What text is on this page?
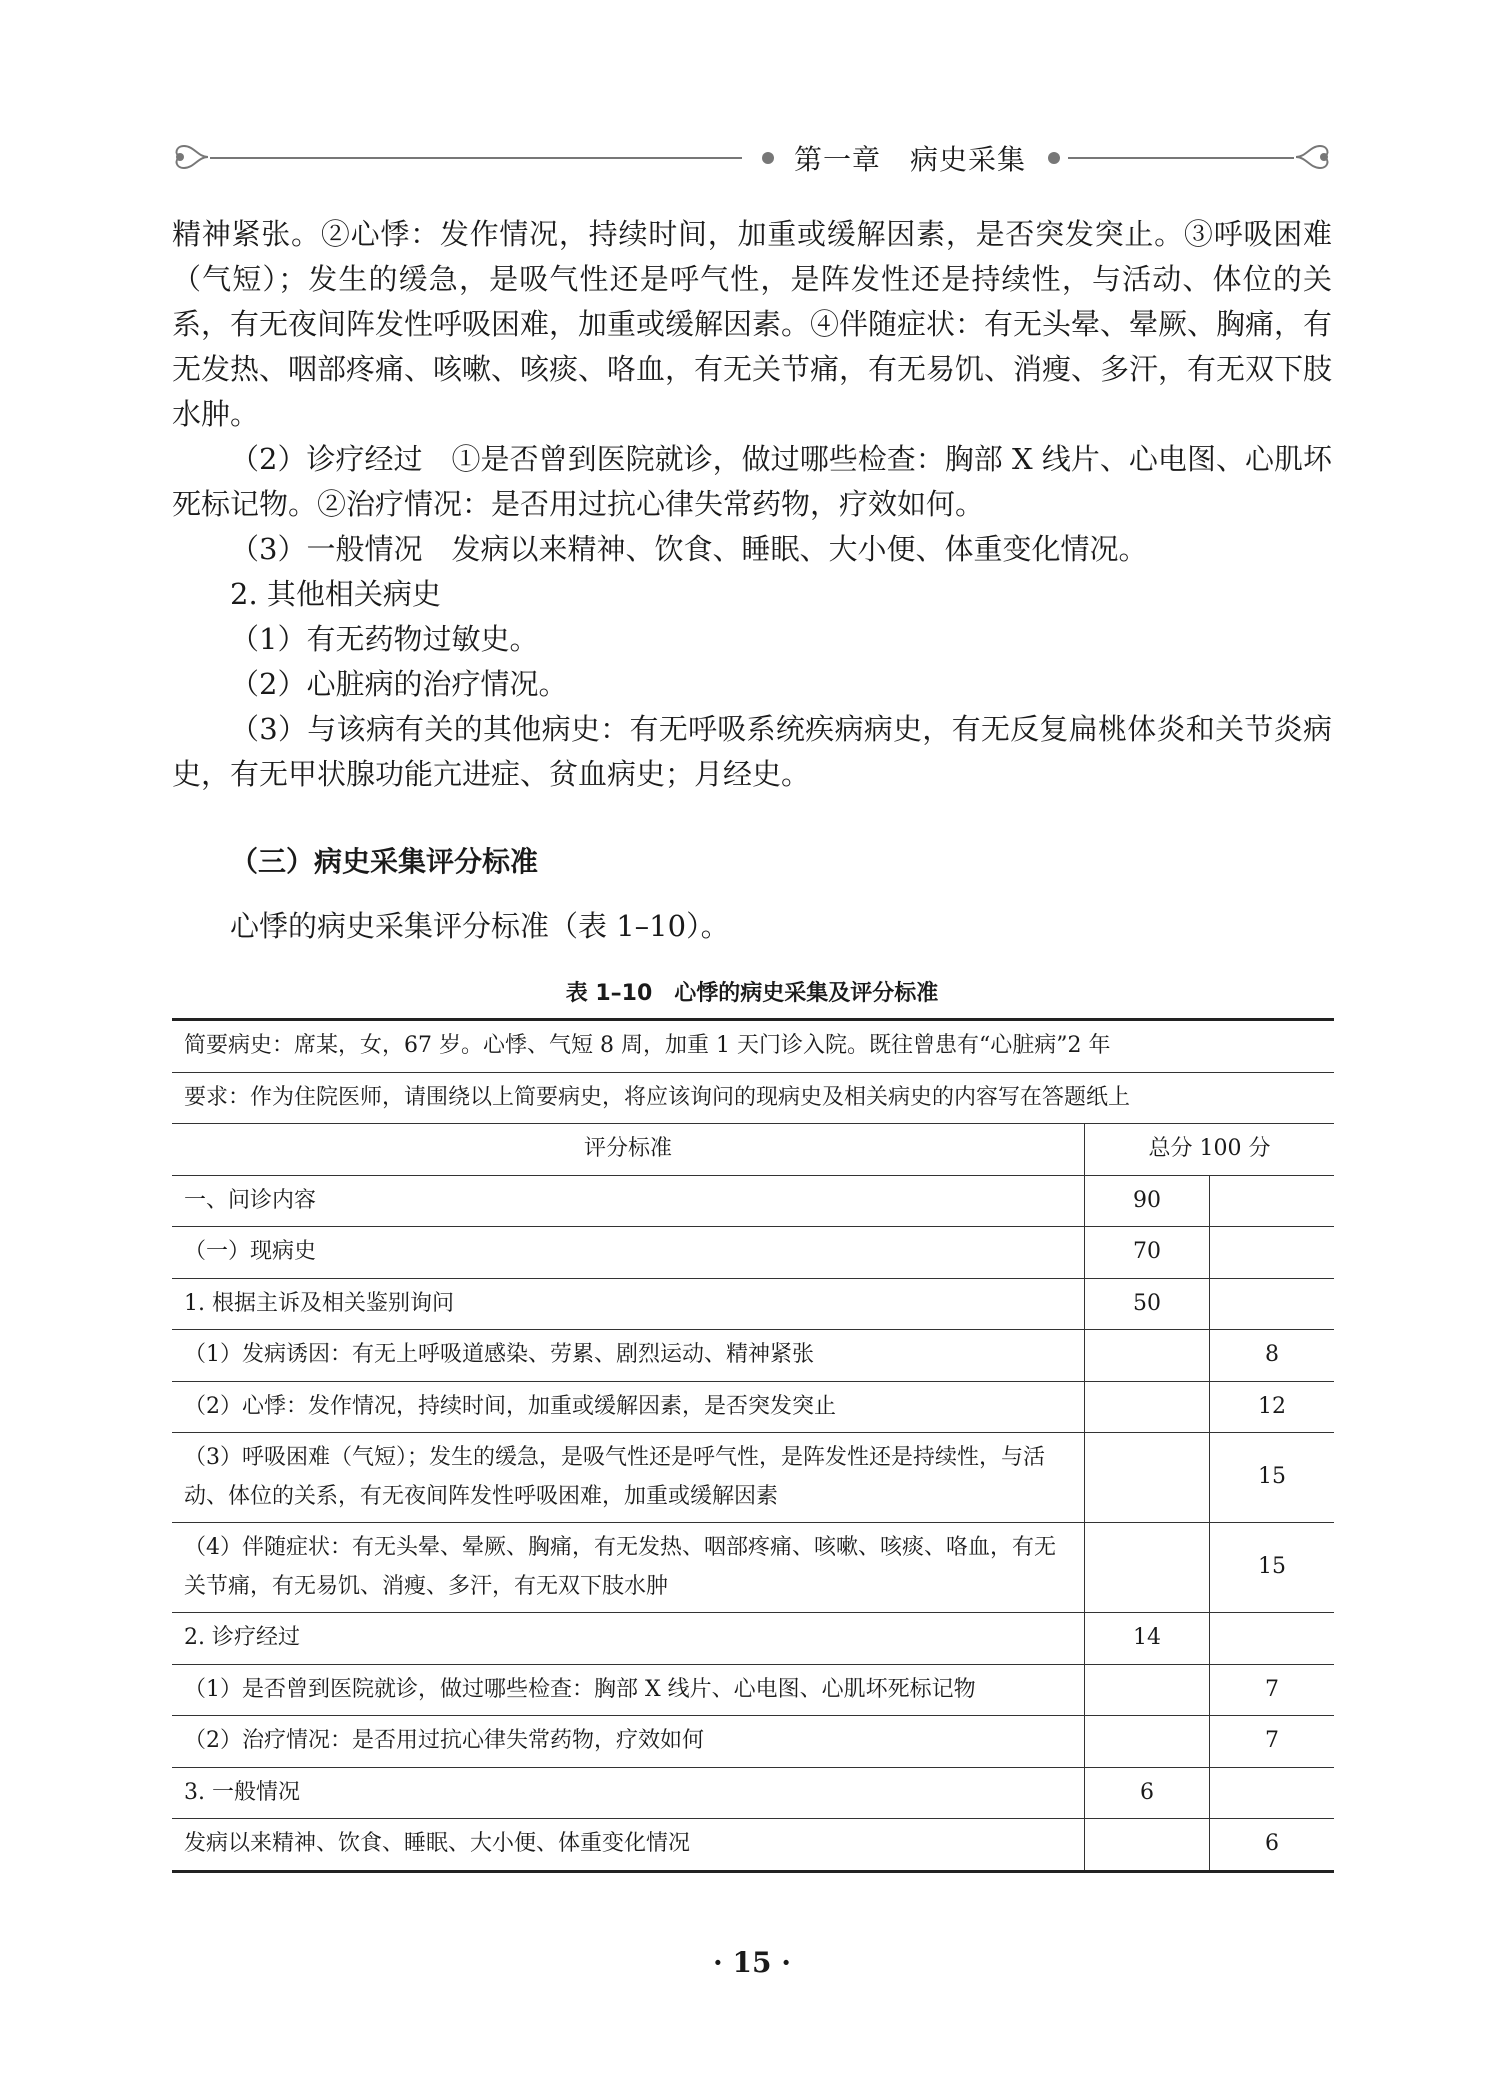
第一章　病史采集

精神紧张。②心悸：发作情况，持续时间，加重或缓解因素，是否突发突止。③呼吸困难（气短）；发生的缓急，是吸气性还是呼气性，是阵发性还是持续性，与活动、体位的关系，有无夜间阵发性呼吸困难，加重或缓解因素。④伴随症状：有无头晕、晕厥、胸痛，有无发热、咽部疼痛、咳嗽、咳痰、咯血，有无关节痛，有无易饥、消瘦、多汗，有无双下肢水肿。

（2）诊疗经过　①是否曾到医院就诊，做过哪些检查：胸部 X 线片、心电图、心肌坏死标记物。②治疗情况：是否用过抗心律失常药物，疗效如何。

（3）一般情况　发病以来精神、饮食、睡眠、大小便、体重变化情况。

2. 其他相关病史

（1）有无药物过敏史。

（2）心脏病的治疗情况。

（3）与该病有关的其他病史：有无呼吸系统疾病病史，有无反复扁桃体炎和关节炎病史，有无甲状腺功能亢进症、贫血病史；月经史。

（三）病史采集评分标准
心悸的病史采集评分标准（表 1–10）。
表 1–10　心悸的病史采集及评分标准
简要病史：席某，女，67 岁。心悸、气短 8 周，加重 1 天门诊入院。既往曾患有“心脏病”2 年		
要求：作为住院医师，请围绕以上简要病史，将应该询问的现病史及相关病史的内容写在答题纸上		
评分标准	总分 100 分	
一、问诊内容	90	
（一）现病史	70	
1. 根据主诉及相关鉴别询问	50	
（1）发病诱因：有无上呼吸道感染、劳累、剧烈运动、精神紧张		8
（2）心悸：发作情况，持续时间，加重或缓解因素，是否突发突止		12
（3）呼吸困难（气短）；发生的缓急，是吸气性还是呼气性，是阵发性还是持续性，与活动、体位的关系，有无夜间阵发性呼吸困难，加重或缓解因素		15
（4）伴随症状：有无头晕、晕厥、胸痛，有无发热、咽部疼痛、咳嗽、咳痰、咯血，有无关节痛，有无易饥、消瘦、多汗，有无双下肢水肿		15
2. 诊疗经过	14	
（1）是否曾到医院就诊，做过哪些检查：胸部 X 线片、心电图、心肌坏死标记物		7
（2）治疗情况：是否用过抗心律失常药物，疗效如何		7
3. 一般情况	6	
发病以来精神、饮食、睡眠、大小便、体重变化情况		6
· 15 ·
